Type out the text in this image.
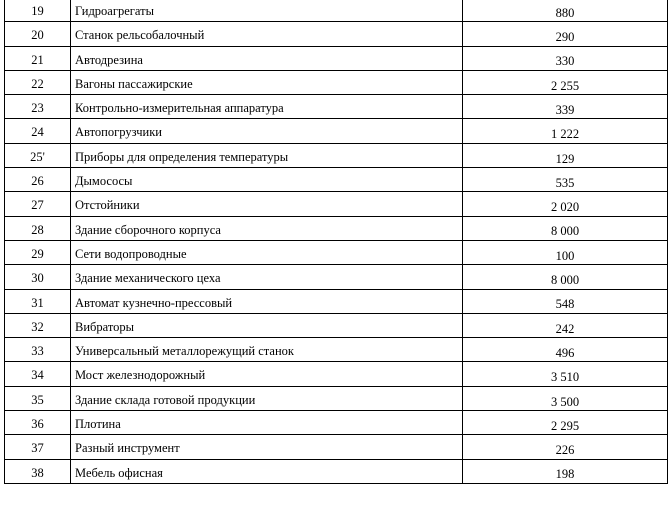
19	Гидроагрегаты	880
20	Станок рельсобалочный	290
21	Автодрезина	330
22	Вагоны пассажирские	2 255
23	Контрольно-измерительная аппаратура	339
24	Автопогрузчики	1 222
25'	Приборы для определения температуры	129
26	Дымососы	535
27	Отстойники	2 020
28	Здание сборочного корпуса	8 000
29	Сети водопроводные	100
30	Здание механического цеха	8 000
31	Автомат кузнечно-прессовый	548
32	Вибраторы	242
33	Универсальный металлорежущий станок	496
34	Мост железнодорожный	3 510
35	Здание склада готовой продукции	3 500
36	Плотина	2 295
37	Разный инструмент	226
38	Мебель офисная	198
